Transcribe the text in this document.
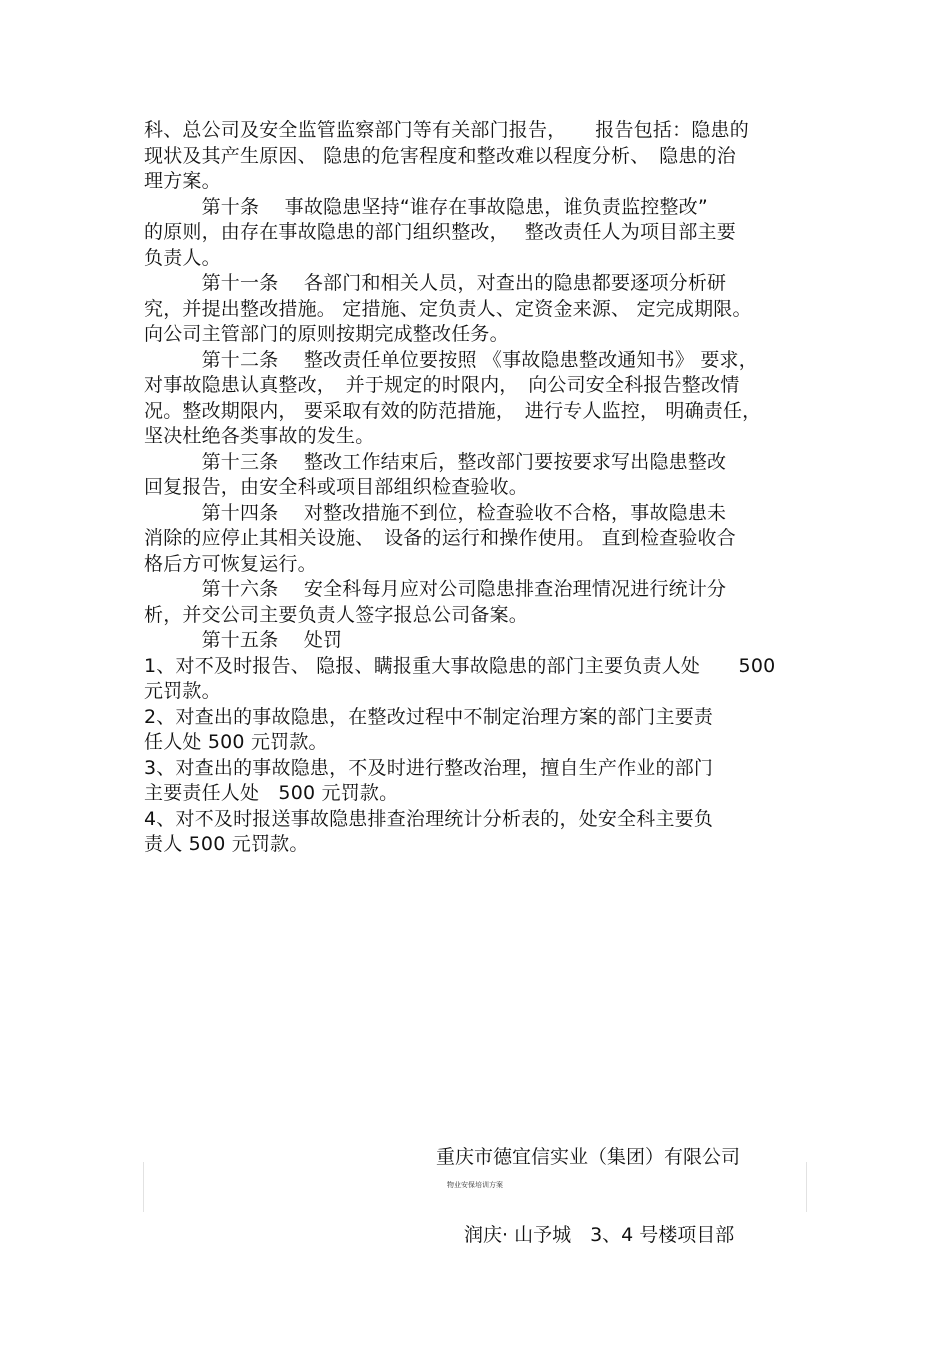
科、总公司及安全监管监察部门等有关部门报告，　　报告包括：隐患的
现状及其产生原因、 隐患的危害程度和整改难以程度分析、　隐患的治
理方案。
　　　第十条　 事故隐患坚持“谁存在事故隐患，谁负责监控整改”
的原则，由存在事故隐患的部门组织整改，　 整改责任人为项目部主要
负责人。
　　　第十一条　 各部门和相关人员，对查出的隐患都要逐项分析研
究，并提出整改措施。 定措施、定负责人、定资金来源、 定完成期限。
向公司主管部门的原则按期完成整改任务。
　　　第十二条　 整改责任单位要按照 《事故隐患整改通知书》 要求，
对事故隐患认真整改，　并于规定的时限内，　向公司安全科报告整改情
况。整改期限内， 要采取有效的防范措施，　进行专人监控， 明确责任，
坚决杜绝各类事故的发生。
　　　第十三条　 整改工作结束后，整改部门要按要求写出隐患整改
回复报告，由安全科或项目部组织检查验收。
　　　第十四条　 对整改措施不到位，检查验收不合格，事故隐患未
消除的应停止其相关设施、　设备的运行和操作使用。 直到检查验收合
格后方可恢复运行。
　　　第十六条　 安全科每月应对公司隐患排查治理情况进行统计分
析，并交公司主要负责人签字报总公司备案。
　　　第十五条　 处罚
1、对不及时报告、 隐报、瞒报重大事故隐患的部门主要负责人处　　500
元罚款。
2、对查出的事故隐患，在整改过程中不制定治理方案的部门主要责
任人处 500 元罚款。
3、对查出的事故隐患，不及时进行整改治理，擅自生产作业的部门
主要责任人处　500 元罚款。
4、对不及时报送事故隐患排查治理统计分析表的，处安全科主要负
责人 500 元罚款。

重庆市德宜信实业（集团）有限公司

润庆· 山予城　3、4 号楼项目部

物业安保培训方案
